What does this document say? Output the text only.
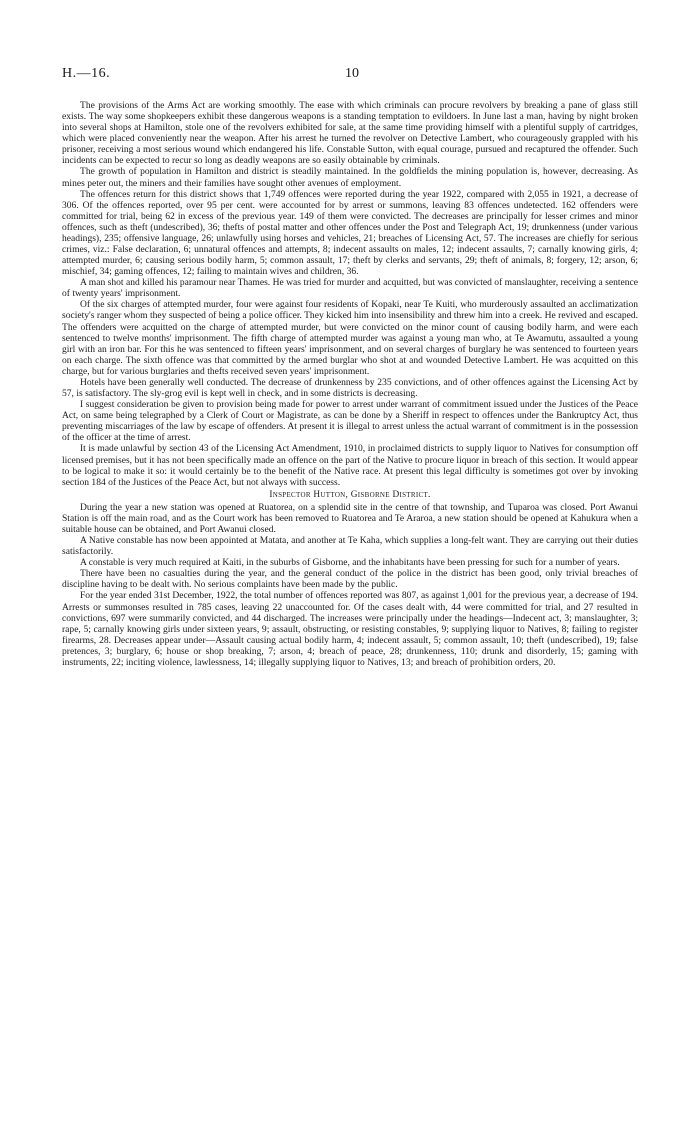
H.—16.	10

The provisions of the Arms Act are working smoothly. The ease with which criminals can procure revolvers by breaking a pane of glass still exists. The way some shopkeepers exhibit these dangerous weapons is a standing temptation to evildoers. In June last a man, having by night broken into several shops at Hamilton, stole one of the revolvers exhibited for sale, at the same time providing himself with a plentiful supply of cartridges, which were placed conveniently near the weapon. After his arrest he turned the revolver on Detective Lambert, who courageously grappled with his prisoner, receiving a most serious wound which endangered his life. Constable Sutton, with equal courage, pursued and recaptured the offender. Such incidents can be expected to recur so long as deadly weapons are so easily obtainable by criminals.

The growth of population in Hamilton and district is steadily maintained. In the goldfields the mining population is, however, decreasing. As mines peter out, the miners and their families have sought other avenues of employment.

The offences return for this district shows that 1,749 offences were reported during the year 1922, compared with 2,055 in 1921, a decrease of 306. Of the offences reported, over 95 per cent. were accounted for by arrest or summons, leaving 83 offences undetected. 162 offenders were committed for trial, being 62 in excess of the previous year. 149 of them were convicted. The decreases are principally for lesser crimes and minor offences, such as theft (undescribed), 36; thefts of postal matter and other offences under the Post and Telegraph Act, 19; drunkenness (under various headings), 235; offensive language, 26; unlawfully using horses and vehicles, 21; breaches of Licensing Act, 57. The increases are chiefly for serious crimes, viz.: False declaration, 6; unnatural offences and attempts, 8; indecent assaults on males, 12; indecent assaults, 7; carnally knowing girls, 4; attempted murder, 6; causing serious bodily harm, 5; common assault, 17; theft by clerks and servants, 29; theft of animals, 8; forgery, 12; arson, 6; mischief, 34; gaming offences, 12; failing to maintain wives and children, 36.

A man shot and killed his paramour near Thames. He was tried for murder and acquitted, but was convicted of manslaughter, receiving a sentence of twenty years' imprisonment.

Of the six charges of attempted murder, four were against four residents of Kopaki, near Te Kuiti, who murderously assaulted an acclimatization society's ranger whom they suspected of being a police officer. They kicked him into insensibility and threw him into a creek. He revived and escaped. The offenders were acquitted on the charge of attempted murder, but were convicted on the minor count of causing bodily harm, and were each sentenced to twelve months' imprisonment. The fifth charge of attempted murder was against a young man who, at Te Awamutu, assaulted a young girl with an iron bar. For this he was sentenced to fifteen years' imprisonment, and on several charges of burglary he was sentenced to fourteen years on each charge. The sixth offence was that committed by the armed burglar who shot at and wounded Detective Lambert. He was acquitted on this charge, but for various burglaries and thefts received seven years' imprisonment.

Hotels have been generally well conducted. The decrease of drunkenness by 235 convictions, and of other offences against the Licensing Act by 57, is satisfactory. The sly-grog evil is kept well in check, and in some districts is decreasing.

I suggest consideration be given to provision being made for power to arrest under warrant of commitment issued under the Justices of the Peace Act, on same being telegraphed by a Clerk of Court or Magistrate, as can be done by a Sheriff in respect to offences under the Bankruptcy Act, thus preventing miscarriages of the law by escape of offenders. At present it is illegal to arrest unless the actual warrant of commitment is in the possession of the officer at the time of arrest.

It is made unlawful by section 43 of the Licensing Act Amendment, 1910, in proclaimed districts to supply liquor to Natives for consumption off licensed premises, but it has not been specifically made an offence on the part of the Native to procure liquor in breach of this section. It would appear to be logical to make it so: it would certainly be to the benefit of the Native race. At present this legal difficulty is sometimes got over by invoking section 184 of the Justices of the Peace Act, but not always with success.

Inspector Hutton, Gisborne District.

During the year a new station was opened at Ruatorea, on a splendid site in the centre of that township, and Tuparoa was closed. Port Awanui Station is off the main road, and as the Court work has been removed to Ruatorea and Te Araroa, a new station should be opened at Kahukura when a suitable house can be obtained, and Port Awanui closed.

A Native constable has now been appointed at Matata, and another at Te Kaha, which supplies a long-felt want. They are carrying out their duties satisfactorily.

A constable is very much required at Kaiti, in the suburbs of Gisborne, and the inhabitants have been pressing for such for a number of years.

There have been no casualties during the year, and the general conduct of the police in the district has been good, only trivial breaches of discipline having to be dealt with. No serious complaints have been made by the public.

For the year ended 31st December, 1922, the total number of offences reported was 807, as against 1,001 for the previous year, a decrease of 194. Arrests or summonses resulted in 785 cases, leaving 22 unaccounted for. Of the cases dealt with, 44 were committed for trial, and 27 resulted in convictions, 697 were summarily convicted, and 44 discharged. The increases were principally under the headings—Indecent act, 3; manslaughter, 3; rape, 5; carnally knowing girls under sixteen years, 9; assault, obstructing, or resisting constables, 9; supplying liquor to Natives, 8; failing to register firearms, 28. Decreases appear under—Assault causing actual bodily harm, 4; indecent assault, 5; common assault, 10; theft (undescribed), 19; false pretences, 3; burglary, 6; house or shop breaking, 7; arson, 4; breach of peace, 28; drunkenness, 110; drunk and disorderly, 15; gaming with instruments, 22; inciting violence, lawlessness, 14; illegally supplying liquor to Natives, 13; and breach of prohibition orders, 20.
